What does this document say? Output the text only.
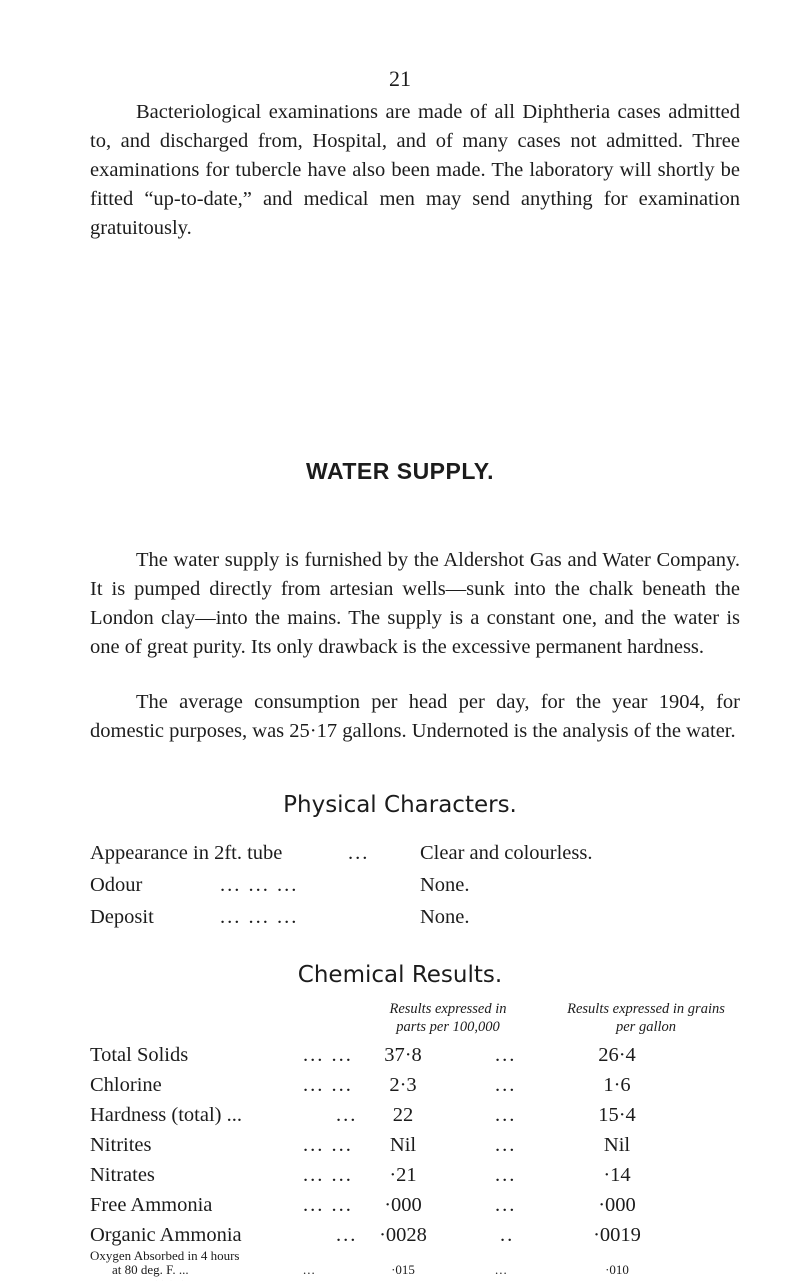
21

Bacteriological examinations are made of all Diphtheria cases admitted to, and discharged from, Hospital, and of many cases not admitted. Three examinations for tubercle have also been made. The laboratory will shortly be fitted “up-to-date,” and medical men may send anything for examination gratuitously.

WATER SUPPLY.

The water supply is furnished by the Aldershot Gas and Water Company. It is pumped directly from artesian wells—sunk into the chalk beneath the London clay—into the mains. The supply is a constant one, and the water is one of great purity. Its only drawback is the excessive permanent hardness.

The average consumption per head per day, for the year 1904, for domestic purposes, was 25·17 gallons. Undernoted is the analysis of the water.

Physical Characters.
Appearance in 2ft. tube	... Clear and colourless.
Odour	... ... ...	None.
Deposit	... ... ...	None.
Chemical Results.
Results expressed in parts per 100,000
Results expressed in grains per gallon
Total Solids	... ...	37·8	...	26·4
Chlorine	... ...	2·3	...	1·6
Hardness (total) ...	...	22	...	15·4
Nitrites	... ...	Nil	...	Nil
Nitrates	... ...	·21	...	·14
Free Ammonia	... ...	·000	...	·000
Organic Ammonia	...	·0028	..	·0019
Oxygen Absorbed in 4 hours
at 80 deg. F. ...	...	·015	...	·010

During the year water has been laid on to 10 houses, 2 dairy farms, and 3 inns or hotels, displacing private supplies, condemned for being polluted.
